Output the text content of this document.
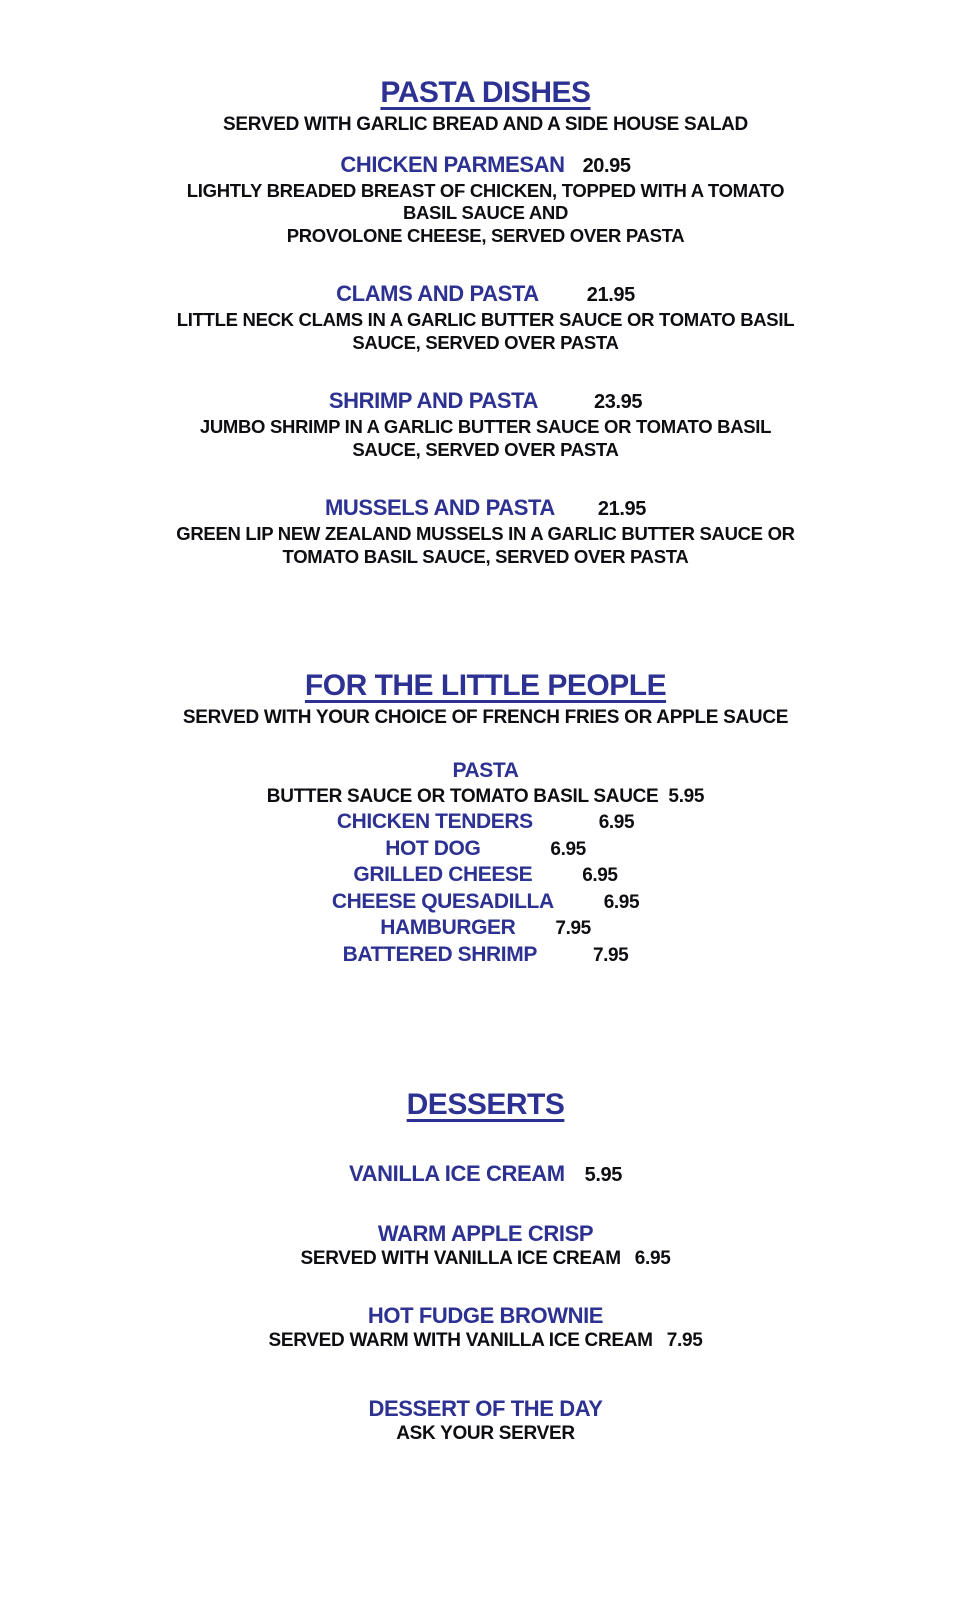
PASTA DISHES
SERVED WITH GARLIC BREAD AND A SIDE HOUSE SALAD
CHICKEN PARMESAN 20.95
LIGHTLY BREADED BREAST OF CHICKEN, TOPPED WITH A TOMATO
BASIL SAUCE AND
PROVOLONE CHEESE, SERVED OVER PASTA
CLAMS AND PASTA 21.95
LITTLE NECK CLAMS IN A GARLIC BUTTER SAUCE OR TOMATO BASIL
SAUCE, SERVED OVER PASTA
SHRIMP AND PASTA	23.95
JUMBO SHRIMP IN A GARLIC BUTTER SAUCE OR TOMATO BASIL
SAUCE, SERVED OVER PASTA
MUSSELS AND PASTA 21.95
GREEN LIP NEW ZEALAND MUSSELS IN A GARLIC BUTTER SAUCE OR
TOMATO BASIL SAUCE, SERVED OVER PASTA
FOR THE LITTLE PEOPLE
SERVED WITH YOUR CHOICE OF FRENCH FRIES OR APPLE SAUCE
PASTA
BUTTER SAUCE OR TOMATO BASIL SAUCE 5.95
CHICKEN TENDERS	6.95
HOT DOG	6.95
GRILLED CHEESE	6.95
CHEESE QUESADILLA	6.95
HAMBURGER 7.95
BATTERED SHRIMP	7.95
DESSERTS
VANILLA ICE CREAM 5.95
WARM APPLE CRISP
SERVED WITH VANILLA ICE CREAM 6.95
HOT FUDGE BROWNIE
SERVED WARM WITH VANILLA ICE CREAM 7.95
DESSERT OF THE DAY
ASK YOUR SERVER
